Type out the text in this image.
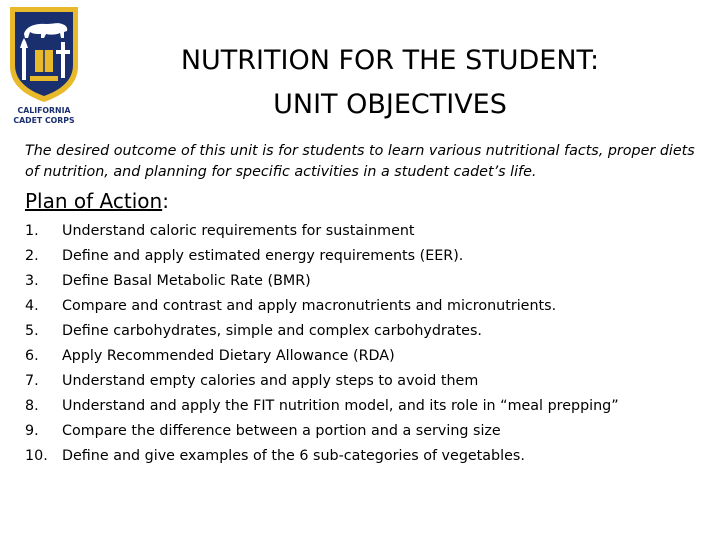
CALIFORNIA
CADET CORPS
NUTRITION FOR THE STUDENT:
UNIT OBJECTIVES
The desired outcome of this unit is for students to learn various nutritional facts, proper diets of nutrition, and planning for specific activities in a student cadet’s life.
Plan of Action:
1. Understand caloric requirements for sustainment
2. Define and apply estimated energy requirements (EER).
3. Define Basal Metabolic Rate (BMR)
4. Compare and contrast and apply macronutrients and micronutrients.
5. Define carbohydrates, simple and complex carbohydrates.
6. Apply Recommended Dietary Allowance (RDA)
7. Understand empty calories and apply steps to avoid them
8. Understand and apply the FIT nutrition model, and its role in “meal prepping”
9. Compare the difference between a portion and a serving size
10. Define and give examples of the 6 sub-categories of vegetables.
